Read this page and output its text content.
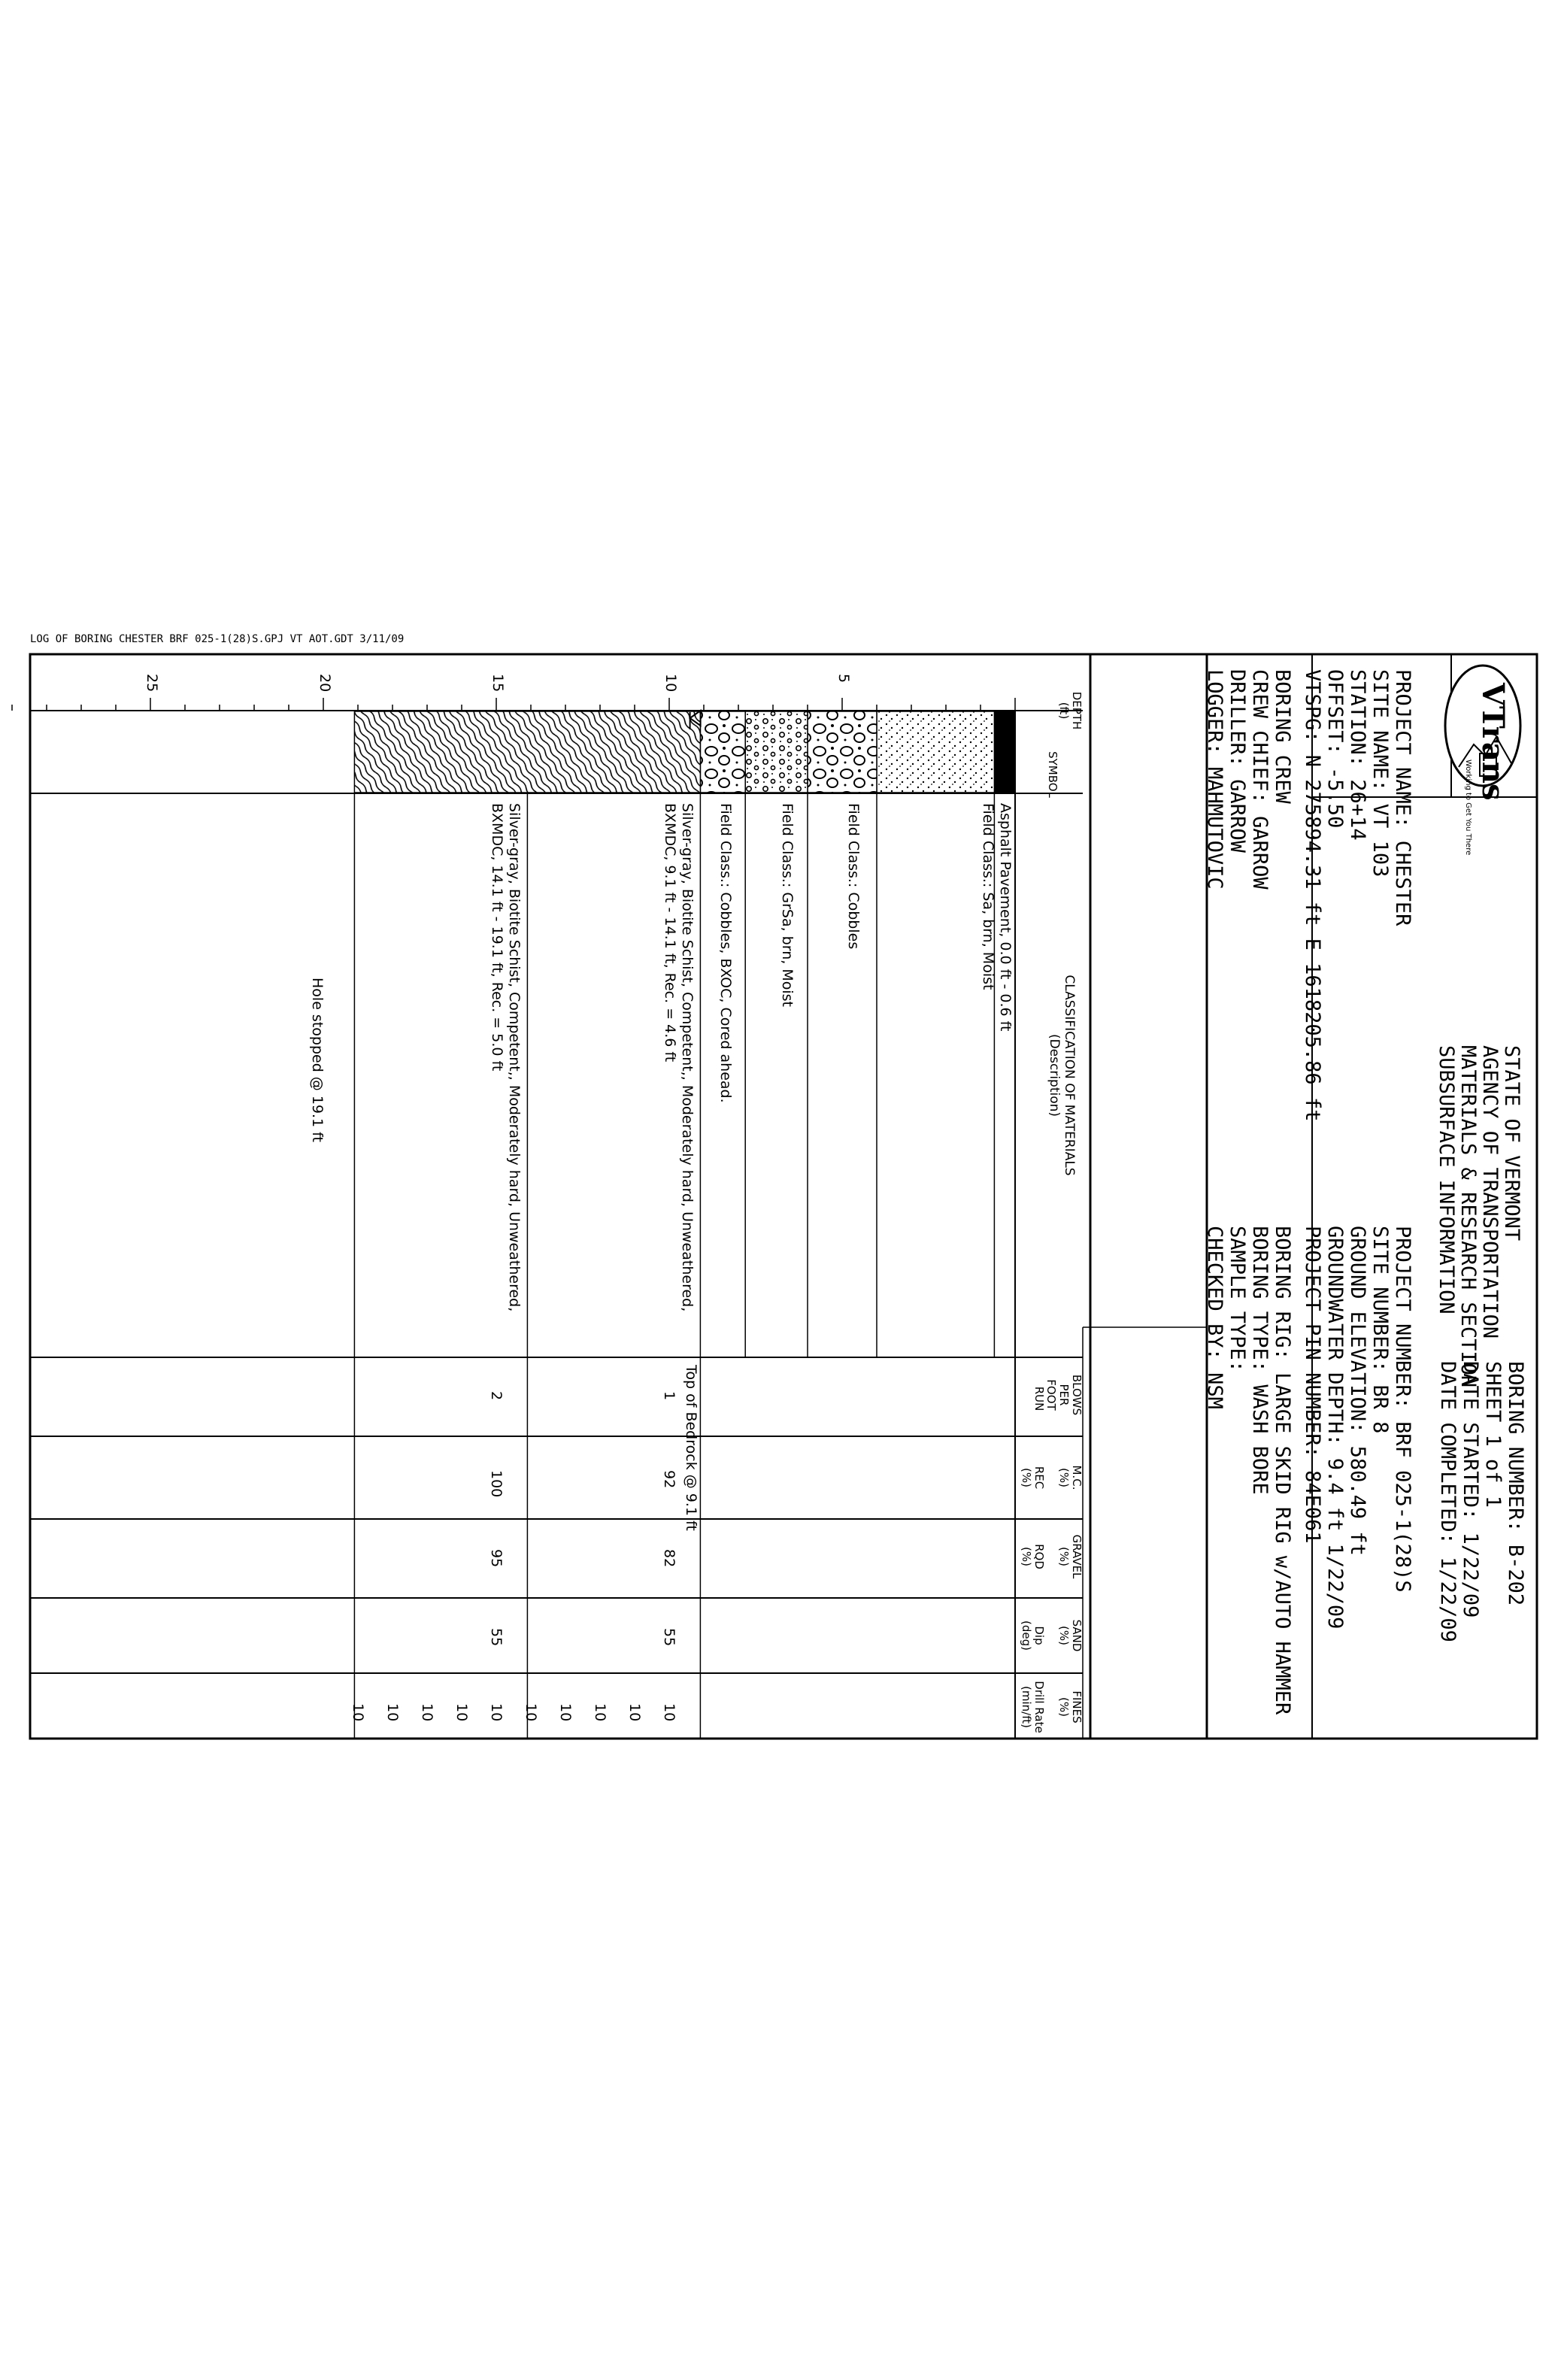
LOG OF BORING CHESTER BRF 025-1(28)S.GPJ VT AOT.GDT 3/11/09
VTrans
Working to Get You There
STATE OF VERMONT
AGENCY OF TRANSPORTATION
MATERIALS & RESEARCH SECTION
SUBSURFACE INFORMATION
BORING NUMBER: B-202
SHEET 1 of 1
DATE STARTED: 1/22/09
DATE COMPLETED: 1/22/09
PROJECT NAME: CHESTER
SITE NAME: VT 103
STATION: 26+14
OFFSET: -5.50
VTSPG: N 275894.31 ft E 1618205.86 ft
PROJECT NUMBER: BRF 025-1(28)S
SITE NUMBER: BR 8
GROUND ELEVATION: 580.49 ft
GROUNDWATER DEPTH: 9.4 ft 1/22/09
PROJECT PIN NUMBER: 84E061
BORING CREW
CREW CHIEF: GARROW
DRILLER: GARROW
LOGGER: MAHMUTOVIC
BORING RIG: LARGE SKID RIG w/AUTO HAMMER
BORING TYPE: WASH BORE
SAMPLE TYPE:
CHECKED BY: NSM
DEPTH
(ft)
SYMBOL
CLASSIFICATION OF MATERIALS
(Description)
BLOWS
PER
FOOT
RUN
M.C.
(%)
REC
(%)
GRAVEL
(%)
RQD
(%)
SAND
(%)
Dip
(deg)
FINES
(%)
Drill Rate
(min/ft)
5
10
15
20
25
Asphalt Pavement, 0.0 ft - 0.6 ft
Field Class.: Sa, brn, Moist
Field Class.: Cobbles
Field Class.: GrSa, brn, Moist
Field Class.: Cobbles, BXOC, Cored ahead.
Silver-gray, Biotite Schist, Competent,, Moderately hard, Unweathered,
BXMDC, 9.1 ft - 14.1 ft, Rec. = 4.6 ft
Silver-gray, Biotite Schist, Competent,, Moderately hard, Unweathered,
BXMDC, 14.1 ft - 19.1 ft, Rec. = 5.0 ft
Hole stopped @ 19.1 ft
Top of Bedrock @ 9.1 ft
1
92
82
55
2
100
95
55
10
10
10
10
10
10
10
10
10
10
